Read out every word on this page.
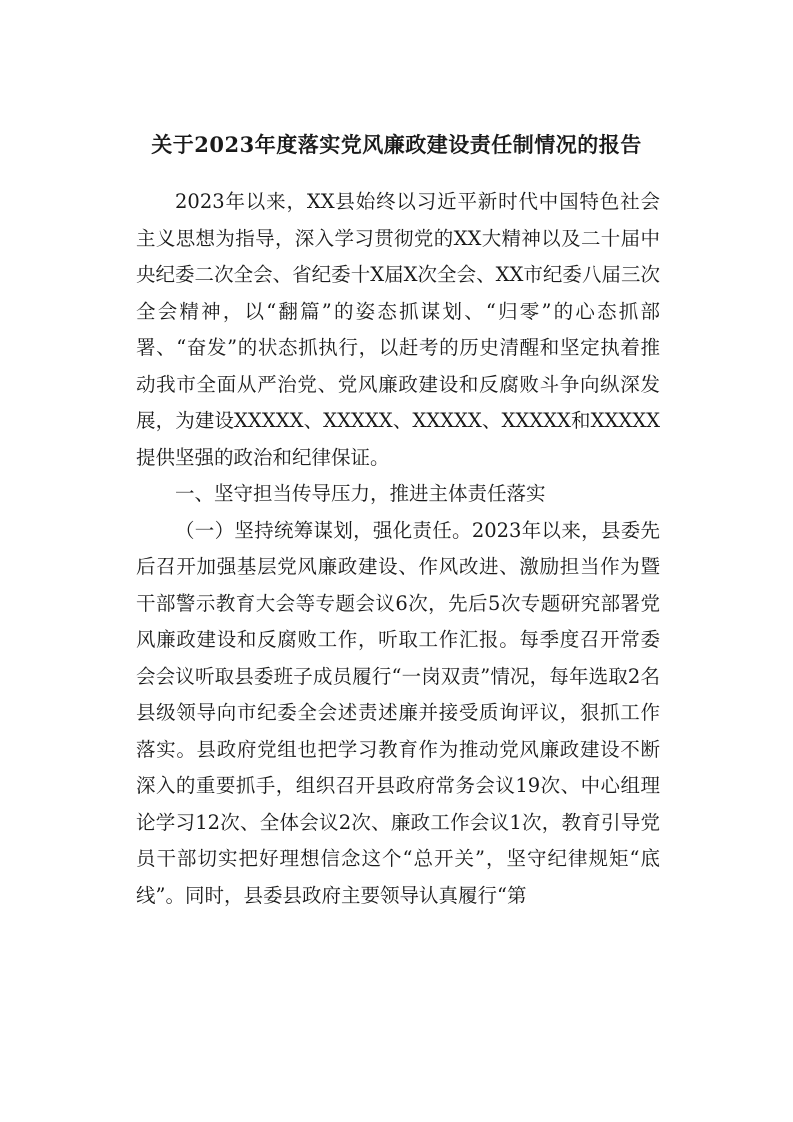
关于2023年度落实党风廉政建设责任制情况的报告

2023年以来，XX县始终以习近平新时代中国特色社会主义思想为指导，深入学习贯彻党的XX大精神以及二十届中央纪委二次全会、省纪委十X届X次全会、XX市纪委八届三次全会精神，以“翻篇”的姿态抓谋划、“归零”的心态抓部署、“奋发”的状态抓执行，以赶考的历史清醒和坚定执着推动我市全面从严治党、党风廉政建设和反腐败斗争向纵深发展，为建设XXXXX、XXXXX、XXXXX、XXXXX和XXXXX提供坚强的政治和纪律保证。

一、坚守担当传导压力，推进主体责任落实

（一）坚持统筹谋划，强化责任。2023年以来，县委先后召开加强基层党风廉政建设、作风改进、激励担当作为暨干部警示教育大会等专题会议6次，先后5次专题研究部署党风廉政建设和反腐败工作，听取工作汇报。每季度召开常委会会议听取县委班子成员履行“一岗双责”情况，每年选取2名县级领导向市纪委全会述责述廉并接受质询评议，狠抓工作落实。县政府党组也把学习教育作为推动党风廉政建设不断深入的重要抓手，组织召开县政府常务会议19次、中心组理论学习12次、全体会议2次、廉政工作会议1次，教育引导党员干部切实把好理想信念这个“总开关”，坚守纪律规矩“底线”。同时，县委县政府主要领导认真履行“第
